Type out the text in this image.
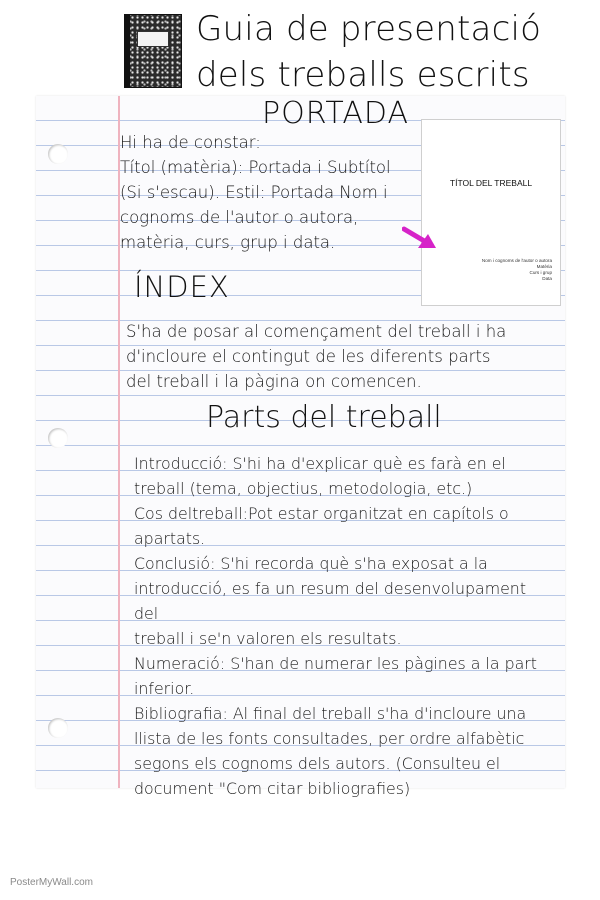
Guia de presentació
dels treballs escrits
PORTADA
Hi ha de constar:
Títol (matèria): Portada i Subtítol
(Si s'escau). Estil: Portada Nom i
cognoms de l'autor o autora,
matèria, curs, grup i data.
TÍTOL DEL TREBALL
Nom i cognoms de l'autor o autora
Matèria
Curs i grup
Data
ÍNDEX
S'ha de posar al començament del treball i ha
d'incloure el contingut de les diferents parts
del treball i la pàgina on comencen.
Parts del treball
Introducció: S'hi ha d'explicar què es farà en el
treball (tema, objectius, metodologia, etc.)
Cos deltreball:Pot estar organitzat en capítols o
apartats.
Conclusió: S'hi recorda què s'ha exposat a la
introducció, es fa un resum del desenvolupament del
treball i se'n valoren els resultats.
Numeració: S'han de numerar les pàgines a la part
inferior.
Bibliografia: Al final del treball s'ha d'incloure una
llista de les fonts consultades, per ordre alfabètic
segons els cognoms dels autors. (Consulteu el
document "Com citar bibliografies)
PosterMyWall.com
